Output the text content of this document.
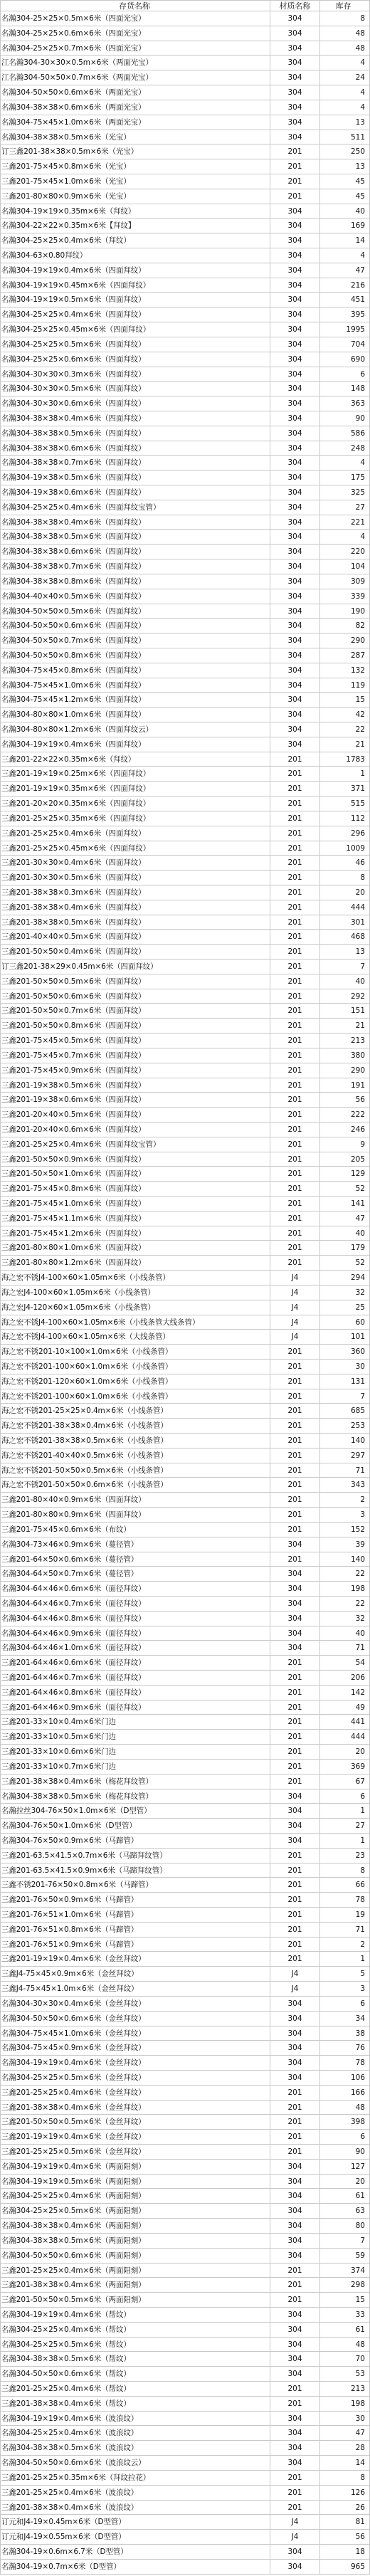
存货名称	材质名称	库存
名瀚304-25×25×0.5m×6米（四面光宝）	304	8
名瀚304-25×25×0.6m×6米（四面光宝）	304	48
名瀚304-25×25×0.7m×6米（四面光宝）	304	48
江名瀚304-30×30×0.5m×6米（两面光宝）	304	4
江名瀚304-50×50×0.7m×6米（两面光宝）	304	24
名瀚304-50×50×0.6m×6米（两面光宝）	304	4
名瀚304-38×38×0.6m×6米（两面光宝）	304	4
名瀚304-75×45×1.0m×6米（两面光宝）	304	13
名瀚304-38×38×0.5m×6米（光宝）	304	511
订三鑫201-38×38×0.5m×6米（光宝）	201	250
三鑫201-75×45×0.8m×6米（光宝）	201	13
三鑫201-75×45×1.0m×6米（光宝）	201	45
三鑫201-80×80×0.9m×6米（光宝）	201	45
名瀚304-19×19×0.35m×6米（拜纹）	304	40
名瀚304-22×22×0.35m×6米【拜纹】	304	169
名瀚304-25×25×0.4m×6米（拜纹）	304	14
名瀚304-63×0.80拜纹）	304	4
名瀚304-19×19×0.4m×6米（四面拜纹）	304	47
名瀚304-19×19×0.45m×6米（四面拜纹）	304	216
名瀚304-19×19×0.5m×6米（四面拜纹）	304	451
名瀚304-25×25×0.4m×6米（四面拜纹）	304	395
名瀚304-25×25×0.45m×6米（四面拜纹）	304	1995
名瀚304-25×25×0.5m×6米（四面拜纹）	304	704
名瀚304-25×25×0.6m×6米（四面拜纹）	304	690
名瀚304-30×30×0.3m×6米（四面拜纹）	304	6
名瀚304-30×30×0.5m×6米（四面拜纹）	304	148
名瀚304-30×30×0.6m×6米（四面拜纹）	304	363
名瀚304-38×38×0.4m×6米（四面拜纹）	304	90
名瀚304-38×38×0.5m×6米（四面拜纹）	304	586
名瀚304-38×38×0.6m×6米（四面拜纹）	304	248
名瀚304-38×38×0.7m×6米（四面拜纹）	304	4
名瀚304-19×38×0.5m×6米（四面拜纹）	304	175
名瀚304-19×38×0.6m×6米（四面拜纹）	304	325
名瀚304-25×25×0.4m×6米（四面拜纹宝管）	304	27
名瀚304-38×38×0.4m×6米（四面拜纹）	304	221
名瀚304-38×38×0.5m×6米（四面拜纹）	304	4
名瀚304-38×38×0.6m×6米（四面拜纹）	304	220
名瀚304-38×38×0.7m×6米（四面拜纹）	304	104
名瀚304-38×38×0.8m×6米（四面拜纹）	304	309
名瀚304-40×40×0.5m×6米（四面拜纹）	304	339
名瀚304-50×50×0.5m×6米（四面拜纹）	304	190
名瀚304-50×50×0.6m×6米（四面拜纹）	304	82
名瀚304-50×50×0.7m×6米（四面拜纹）	304	290
名瀚304-50×50×0.8m×6米（四面拜纹）	304	287
名瀚304-75×45×0.8m×6米（四面拜纹）	304	132
名瀚304-75×45×1.0m×6米（四面拜纹）	304	119
名瀚304-75×45×1.2m×6米（四面拜纹）	304	15
名瀚304-80×80×1.0m×6米（四面拜纹）	304	42
名瀚304-80×80×1.2m×6米（四面拜纹云）	304	22
名瀚304-19×19×0.4m×6米（四面拜纹）	304	21
三鑫201-22×22×0.35m×6米（拜纹）	201	1783
三鑫201-19×19×0.25m×6米（四面拜纹）	201	1
三鑫201-19×19×0.35m×6米（四面拜纹）	201	371
三鑫201-20×20×0.35m×6米（四面拜纹）	201	515
三鑫201-25×25×0.35m×6米（四面拜纹）	201	112
三鑫201-25×25×0.4m×6米（四面拜纹）	201	296
三鑫201-25×25×0.45m×6米（四面拜纹）	201	1009
三鑫201-30×30×0.4m×6米（四面拜纹）	201	46
三鑫201-30×30×0.5m×6米（四面拜纹）	201	8
三鑫201-38×38×0.3m×6米（四面拜纹）	201	20
三鑫201-38×38×0.4m×6米（四面拜纹）	201	444
三鑫201-38×38×0.5m×6米（四面拜纹）	201	301
三鑫201-40×40×0.5m×6米（四面拜纹）	201	468
三鑫201-50×50×0.4m×6米（四面拜纹）	201	13
订三鑫201-38×29×0.45m×6米（四面拜纹）	201	7
三鑫201-50×50×0.5m×6米（四面拜纹）	201	40
三鑫201-50×50×0.6m×6米（四面拜纹）	201	292
三鑫201-50×50×0.7m×6米（四面拜纹）	201	151
三鑫201-50×50×0.8m×6米（四面拜纹）	201	21
三鑫201-75×45×0.5m×6米（四面拜纹）	201	213
三鑫201-75×45×0.7m×6米（四面拜纹）	201	380
三鑫201-75×45×0.9m×6米（四面拜纹）	201	290
三鑫201-19×38×0.5m×6米（四面拜纹）	201	191
三鑫201-19×38×0.6m×6米（四面拜纹）	201	56
三鑫201-20×40×0.5m×6米（四面拜纹）	201	222
三鑫201-20×40×0.6m×6米（四面拜纹）	201	246
三鑫201-25×25×0.4m×6米（四面拜纹宝管）	201	9
三鑫201-50×50×0.9m×6米（四面拜纹）	201	205
三鑫201-50×50×1.0m×6米（四面拜纹）	201	129
三鑫201-75×45×0.8m×6米（四面拜纹）	201	52
三鑫201-75×45×1.0m×6米（四面拜纹）	201	141
三鑫201-75×45×1.1m×6米（四面拜纹）	201	47
三鑫201-75×45×1.2m×6米（四面拜纹）	201	40
三鑫201-80×80×1.0m×6米（四面拜纹）	201	179
三鑫201-80×80×1.2m×6米（四面拜纹）	201	52
海之宏不锈J4-100×60×1.05m×6米（小线条管）	J4	294
海之宏J4-100×60×1.05m×6米（小线条管）	J4	32
海之宏J4-120×60×1.05m×6米（小线条管）	J4	25
海之宏不锈J4-100×60×1.05m×6米（小线条管大线条管）	J4	60
海之宏不锈J4-100×60×1.05m×6米（大线条管）	J4	101
海之宏不锈201-10×100×1.0m×6米（小线条管）	201	360
海之宏不锈201-100×60×1.0m×6米（小线条管）	201	30
海之宏不锈201-120×60×1.0m×6米（小线条管）	201	131
海之宏不锈201-100×60×1.0m×6米（小线条管）	201	7
海之宏不锈201-25×25×0.4m×6米（小线条管）	201	685
海之宏不锈201-38×38×0.4m×6米（小线条管）	201	253
海之宏不锈201-38×38×0.5m×6米（小线条管）	201	140
海之宏不锈201-40×40×0.5m×6米（小线条管）	201	297
海之宏不锈201-50×50×0.5m×6米（小线条管）	201	71
海之宏不锈201-50×50×0.6m×6米（小线条管）	201	343
三鑫201-80×40×0.9m×6米（四面拜纹）	201	2
三鑫201-80×80×0.9m×6米（四面拜纹）	201	3
三鑫201-75×45×0.6m×6米（布纹）	201	152
名瀚304-73×46×0.9m×6米（蔓径管）	304	39
三鑫201-64×50×0.6m×6米（蔓径管）	201	140
名瀚304-64×50×0.7m×6米（蔓径管）	304	22
名瀚304-64×46×0.6m×6米（面径拜纹）	304	198
名瀚304-64×46×0.7m×6米（面径拜纹）	304	22
名瀚304-64×46×0.8m×6米（面径拜纹）	304	32
名瀚304-64×46×0.9m×6米（面径拜纹）	304	40
名瀚304-64×46×1.0m×6米（面径拜纹）	304	71
三鑫201-64×46×0.6m×6米（面径拜纹）	201	54
三鑫201-64×46×0.7m×6米（面径拜纹）	201	206
三鑫201-64×46×0.8m×6米（面径拜纹）	201	142
三鑫201-64×46×0.9m×6米（面径拜纹）	201	49
三鑫201-33×10×0.4m×6米门边	201	441
三鑫201-33×10×0.5m×6米门边	201	444
三鑫201-33×10×0.6m×6米门边	201	20
三鑫201-33×10×0.7m×6米门边	201	369
三鑫201-38×38×0.4m×6米（梅花拜纹管）	201	67
名瀚304-38×38×0.5m×6米（梅花拜纹管）	304	6
名瀚拉丝304-76×50×1.0m×6米（D型管）	304	1
名瀚304-76×50×1.0m×6米（D型管）	304	27
名瀚304-76×50×0.9m×6米（马蹄管）	304	1
三鑫201-63.5×41.5×0.7m×6米（马蹄拜纹管）	201	23
三鑫201-63.5×41.5×0.9m×6米（马蹄拜纹管）	201	8
三鑫不锈201-76×50×0.8m×6米（马蹄管）	201	66
三鑫201-76×50×0.9m×6米（马蹄管）	201	78
三鑫201-76×51×1.0m×6米（马蹄管）	201	19
三鑫201-76×51×0.8m×6米（马蹄管）	201	71
三鑫201-76×51×0.9m×6米（马蹄管）	201	2
三鑫201-19×19×0.4m×6米（金丝拜纹）	201	1
三鑫J4-75×45×0.9m×6米（金丝拜纹）	J4	5
三鑫J4-75×45×1.0m×6米（金丝拜纹）	J4	3
名瀚304-30×30×0.4m×6米（金丝拜纹）	304	6
名瀚304-50×50×0.6m×6米（金丝拜纹）	304	34
名瀚304-75×45×1.0m×6米（金丝拜纹）	304	38
名瀚304-75×45×0.9m×6米（金丝拜纹）	304	76
名瀚304-19×19×0.4m×6米（金丝拜纹）	304	78
名瀚304-25×25×0.5m×6米（金丝拜纹）	304	106
三鑫201-25×25×0.4m×6米（金丝拜纹）	201	166
三鑫201-38×38×0.4m×6米（金丝拜纹）	201	48
三鑫201-50×50×0.5m×6米（金丝拜纹）	201	398
三鑫201-19×19×0.4m×6米（金丝拜纹）	201	6
三鑫201-25×25×0.5m×6米（金丝拜纹）	201	90
名瀚304-19×19×0.4m×6米（两面阳刻）	304	127
名瀚304-19×19×0.5m×6米（两面阳刻）	304	20
名瀚304-25×25×0.4m×6米（两面阳刻）	304	61
名瀚304-25×25×0.5m×6米（两面阳刻）	304	63
名瀚304-38×38×0.4m×6米（两面阳刻）	304	80
名瀚304-38×38×0.5m×6米（两面阳刻）	304	7
名瀚304-50×50×0.6m×6米（两面阳刻）	304	59
三鑫201-25×25×0.4m×6米（两面阳刻）	201	374
三鑫201-38×38×0.4m×6米（两面阳刻）	201	298
三鑫201-50×50×0.5m×6米（两面阳刻）	201	15
名瀚304-19×19×0.4m×6米（帮纹）	304	33
名瀚304-25×25×0.4m×6米（帮纹）	304	61
名瀚304-25×25×0.5m×6米（帮纹）	304	48
名瀚304-38×38×0.5m×6米（帮纹）	304	70
名瀚304-50×50×0.6m×6米（帮纹）	304	53
三鑫201-25×25×0.4m×6米（帮纹）	201	213
三鑫201-38×38×0.4m×6米（帮纹）	201	198
名瀚304-19×19×0.4m×6米（波浪纹）	304	30
名瀚304-25×25×0.4m×6米（波浪纹）	304	47
名瀚304-38×38×0.5m×6米（波浪纹）	304	28
名瀚304-50×50×0.6m×6米（波浪纹云）	304	14
三鑫201-25×25×0.35m×6米（拜纹拉花）	201	8
三鑫201-25×25×0.4m×6米（波浪纹）	201	126
三鑫201-38×38×0.4m×6米（波浪纹）	201	26
订元和J4-19×0.45m×6米（D型管）	J4	81
订元和J4-19×0.55m×6米（D型管）	J4	56
名瀚304-19×0.6m×6.7米（D型管）	304	18
名瀚304-19×0.7m×6米（D型管）	304	965
